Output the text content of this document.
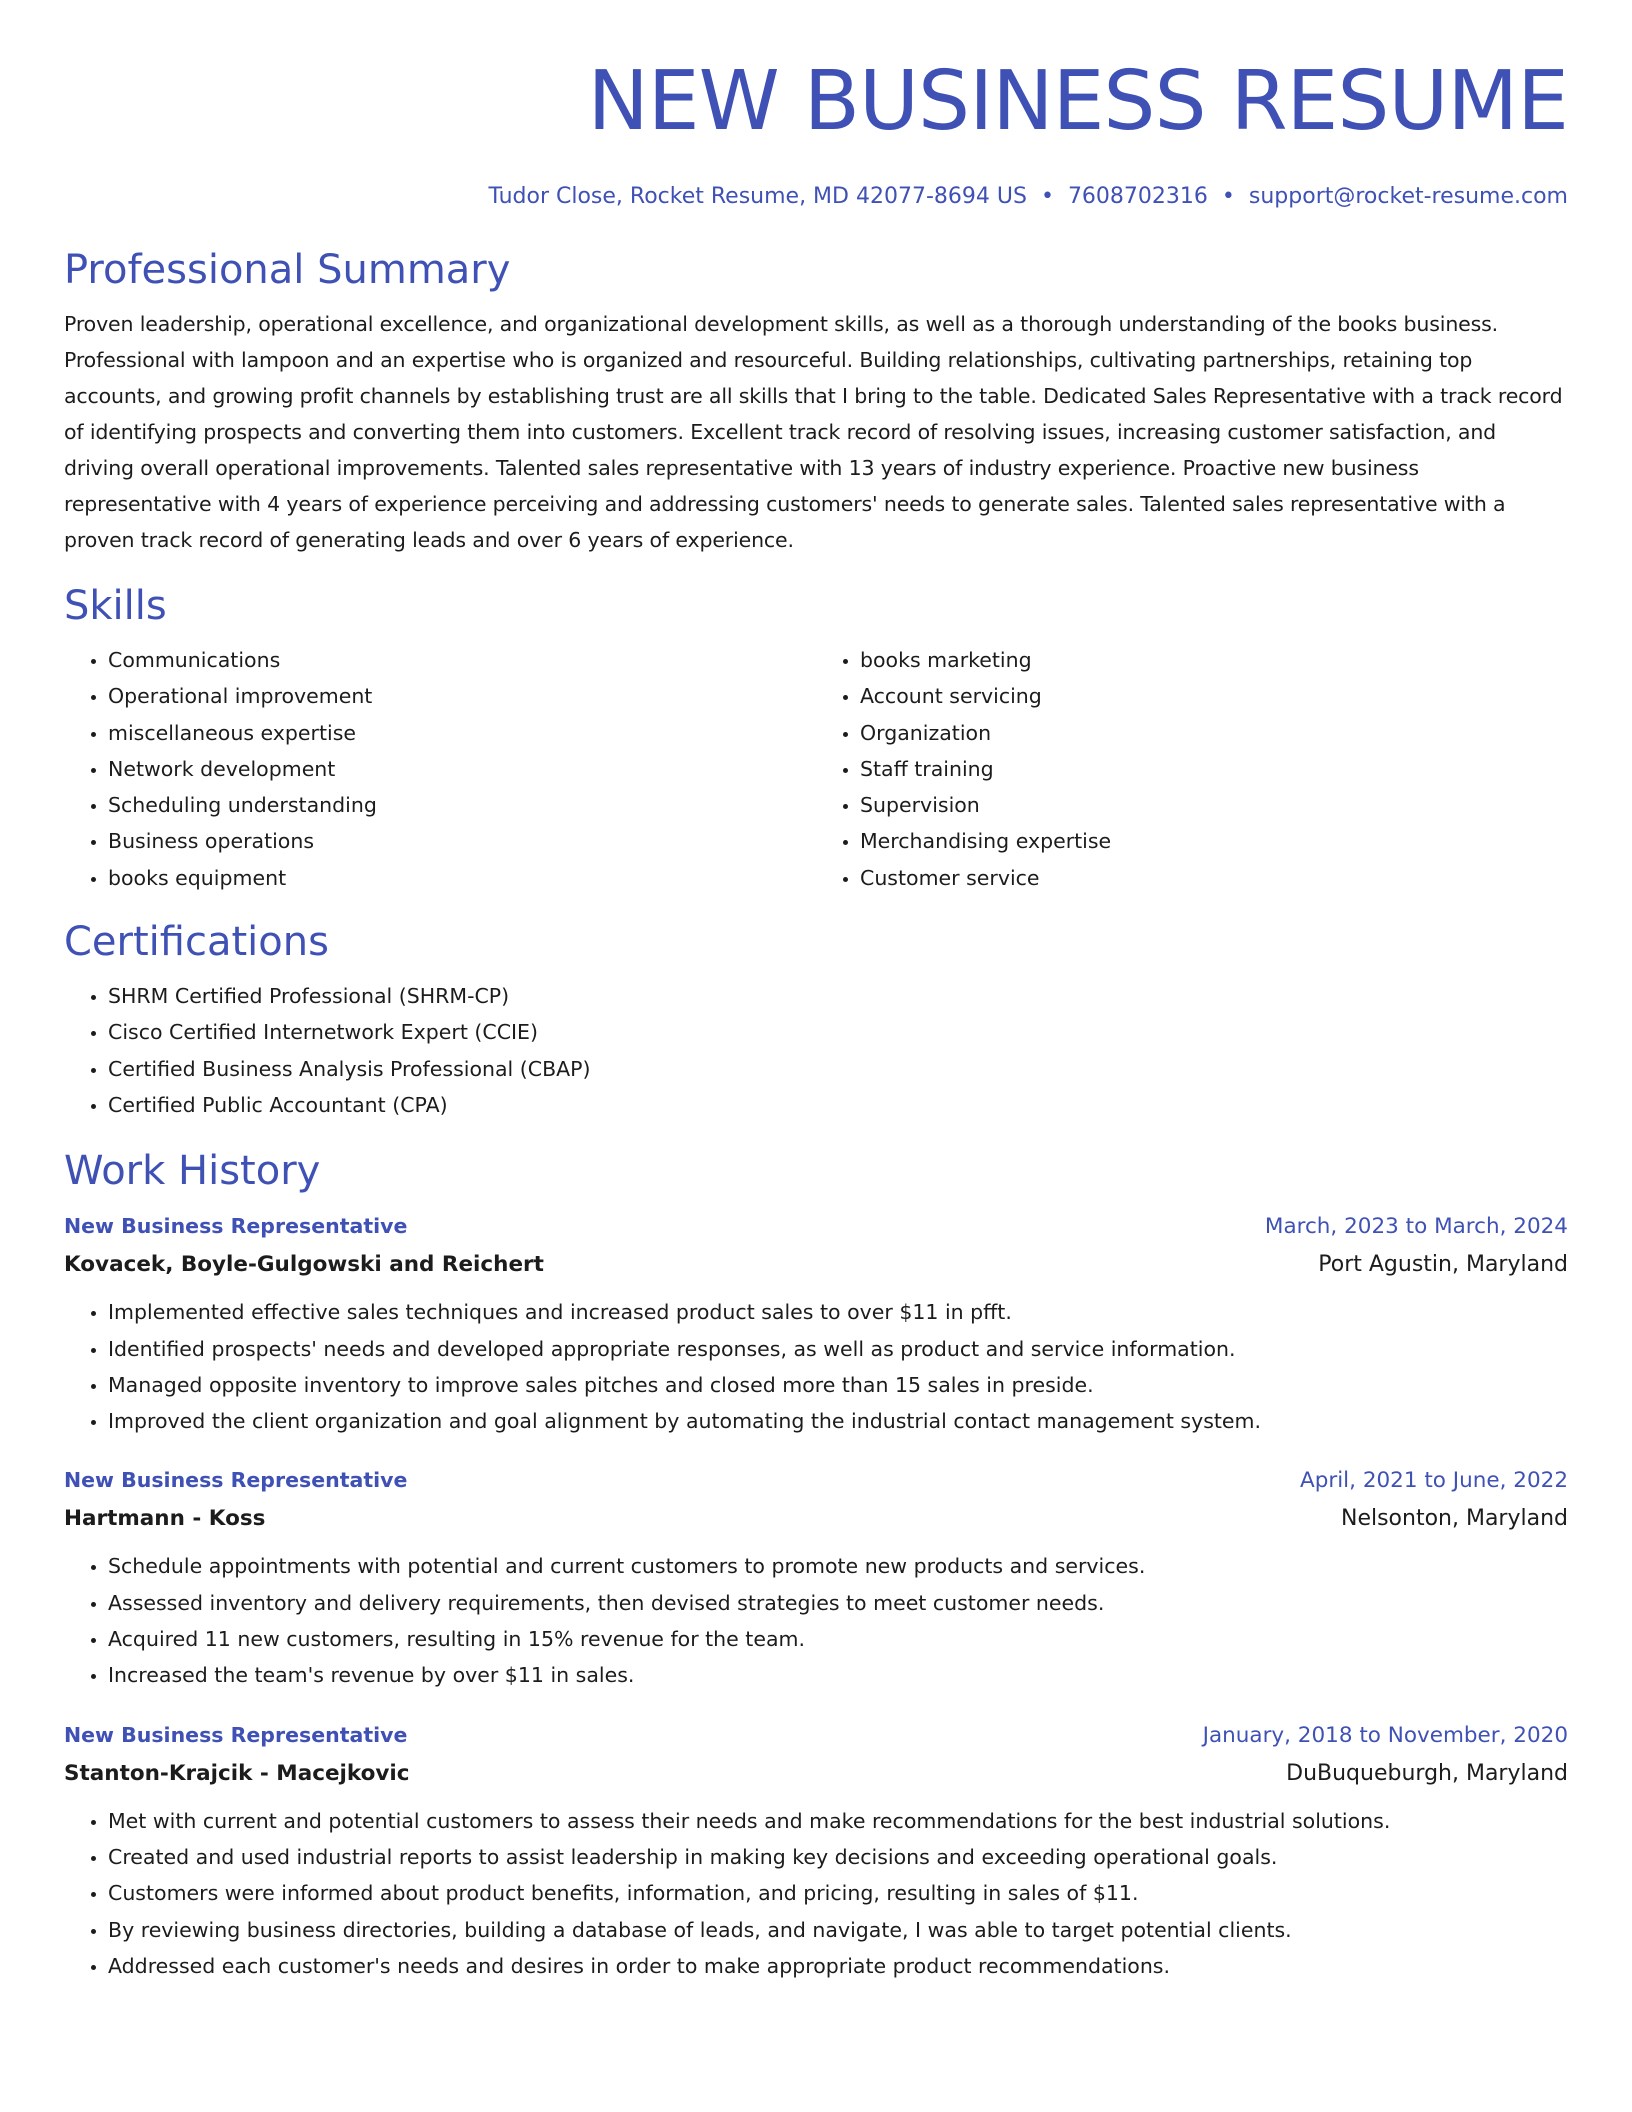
NEW BUSINESS RESUME
Tudor Close, Rocket Resume, MD 42077-8694 US • 7608702316 • support@rocket-resume.com
Professional Summary
Proven leadership, operational excellence, and organizational development skills, as well as a thorough understanding of the books business. Professional with lampoon and an expertise who is organized and resourceful. Building relationships, cultivating partnerships, retaining top accounts, and growing profit channels by establishing trust are all skills that I bring to the table. Dedicated Sales Representative with a track record of identifying prospects and converting them into customers. Excellent track record of resolving issues, increasing customer satisfaction, and driving overall operational improvements. Talented sales representative with 13 years of industry experience. Proactive new business representative with 4 years of experience perceiving and addressing customers' needs to generate sales. Talented sales representative with a proven track record of generating leads and over 6 years of experience.
Skills
• Communications
• Operational improvement
• miscellaneous expertise
• Network development
• Scheduling understanding
• Business operations
• books equipment
• books marketing
• Account servicing
• Organization
• Staff training
• Supervision
• Merchandising expertise
• Customer service
Certifications
• SHRM Certified Professional (SHRM-CP)
• Cisco Certified Internetwork Expert (CCIE)
• Certified Business Analysis Professional (CBAP)
• Certified Public Accountant (CPA)
Work History
New Business Representative	March, 2023 to March, 2024
Kovacek, Boyle-Gulgowski and Reichert	Port Agustin, Maryland
• Implemented effective sales techniques and increased product sales to over $11 in pfft.
• Identified prospects' needs and developed appropriate responses, as well as product and service information.
• Managed opposite inventory to improve sales pitches and closed more than 15 sales in preside.
• Improved the client organization and goal alignment by automating the industrial contact management system.
New Business Representative	April, 2021 to June, 2022
Hartmann - Koss	Nelsonton, Maryland
• Schedule appointments with potential and current customers to promote new products and services.
• Assessed inventory and delivery requirements, then devised strategies to meet customer needs.
• Acquired 11 new customers, resulting in 15% revenue for the team.
• Increased the team's revenue by over $11 in sales.
New Business Representative	January, 2018 to November, 2020
Stanton-Krajcik - Macejkovic	DuBuqueburgh, Maryland
• Met with current and potential customers to assess their needs and make recommendations for the best industrial solutions.
• Created and used industrial reports to assist leadership in making key decisions and exceeding operational goals.
• Customers were informed about product benefits, information, and pricing, resulting in sales of $11.
• By reviewing business directories, building a database of leads, and navigate, I was able to target potential clients.
• Addressed each customer's needs and desires in order to make appropriate product recommendations.
